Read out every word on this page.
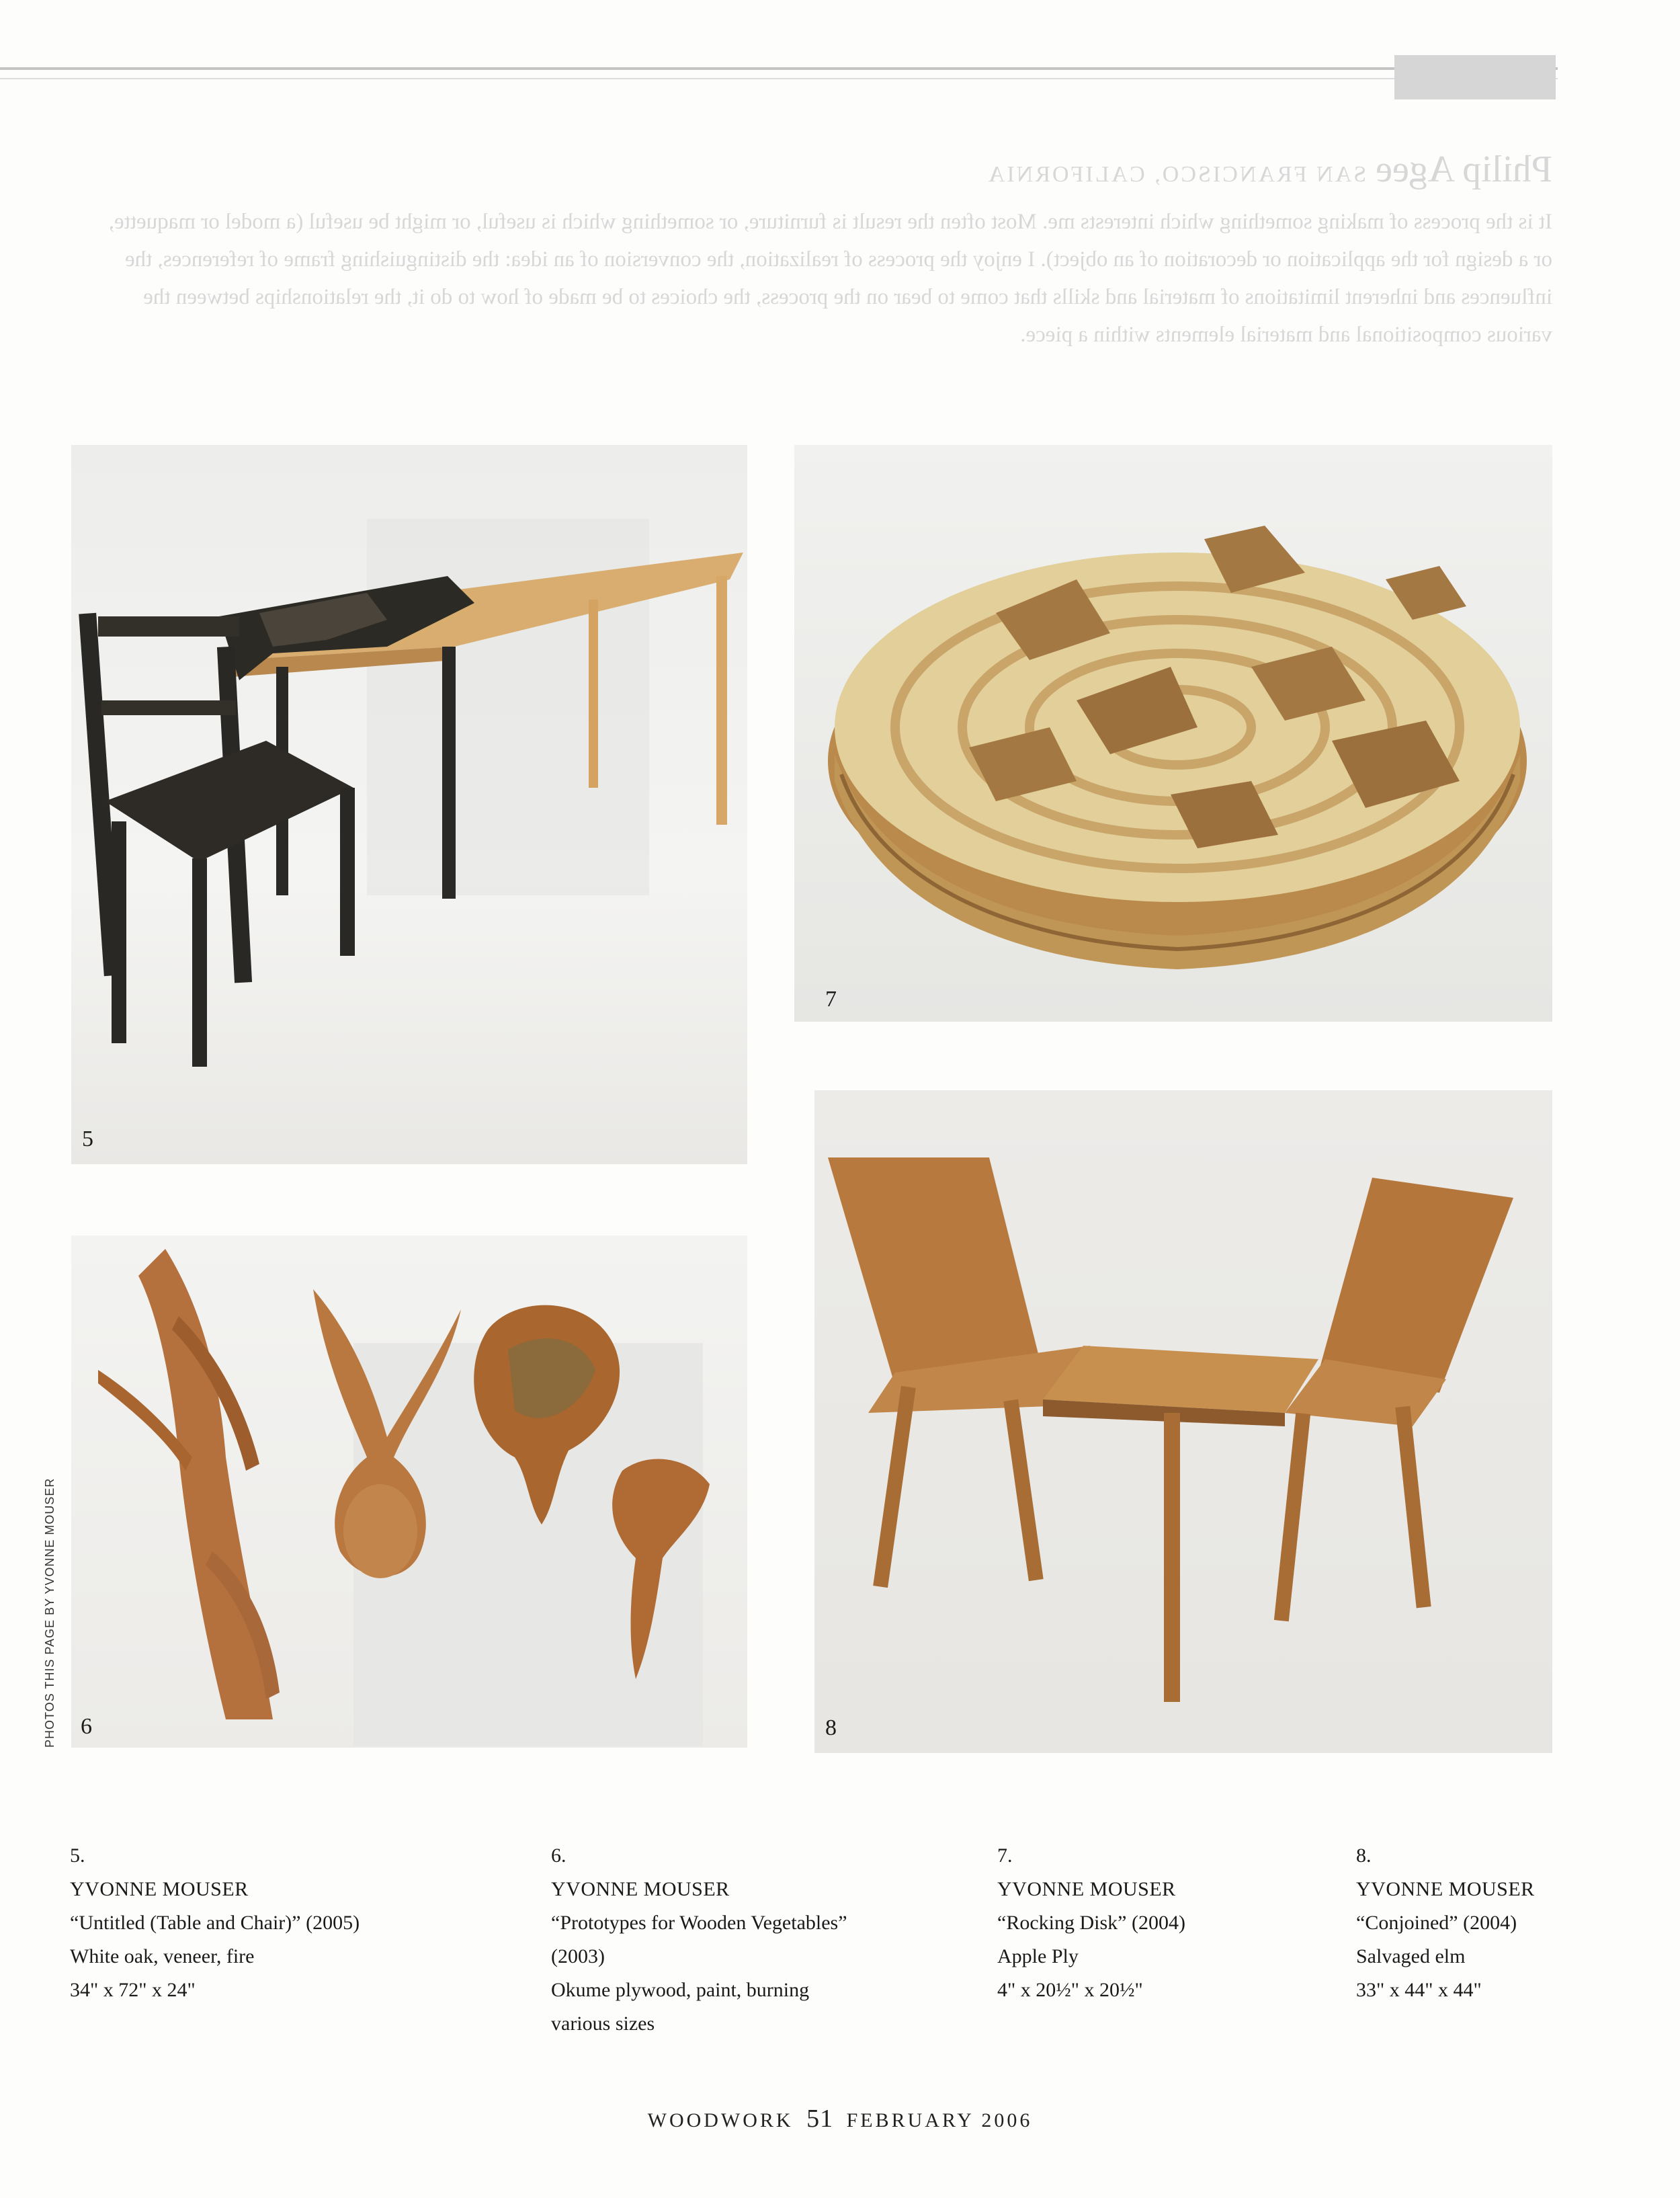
Philip Agee SAN FRANCISCO, CALIFORNIA
It is the process of making something which interests me. Most often the result is furniture, or something which is useful, or might be useful (a model or maquette, or a design for the application or decoration of an object). I enjoy the process of realization, the conversion of an idea: the distinguishing frame of references, the influences and inherent limitations of material and skills that come to bear on the process, the choices to be made of how to do it, the relationships between the various compositional and material elements within a piece.
5
6
7
8
PHOTOS THIS PAGE BY YVONNE MOUSER
5.
YVONNE MOUSER
“Untitled (Table and Chair)” (2005)
White oak, veneer, fire
34" x 72" x 24"
6.
YVONNE MOUSER
“Prototypes for Wooden Vegetables” (2003)
Okume plywood, paint, burning various sizes
7.
YVONNE MOUSER
“Rocking Disk” (2004)
Apple Ply
4" x 20½" x 20½"
8.
YVONNE MOUSER
“Conjoined” (2004)
Salvaged elm
33" x 44" x 44"
WOODWORK 51 FEBRUARY 2006
